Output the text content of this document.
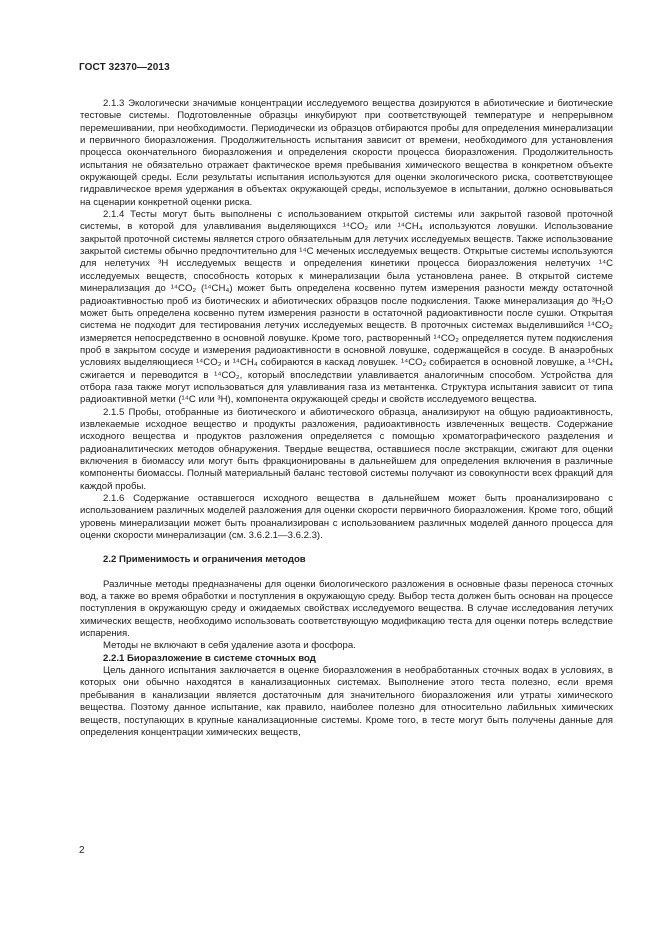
ГОСТ 32370—2013

2.1.3 Экологически значимые концентрации исследуемого вещества дозируются в абиотические и биотические тестовые системы. Подготовленные образцы инкубируют при соответствующей температуре и непрерывном перемешивании, при необходимости. Периодически из образцов отбираются пробы для определения минерализации и первичного биоразложения. Продолжительность испытания зависит от времени, необходимого для установления процесса окончательного биоразложения и определения скорости процесса биоразложения. Продолжительность испытания не обязательно отражает фактическое время пребывания химического вещества в конкретном объекте окружающей среды. Если результаты испытания используются для оценки экологического риска, соответствующее гидравлическое время удержания в объектах окружающей среды, используемое в испытании, должно основываться на сценарии конкретной оценки риска.

2.1.4 Тесты могут быть выполнены с использованием открытой системы или закрытой газовой проточной системы, в которой для улавливания выделяющихся ¹⁴CO₂ или ¹⁴CH₄ используются ловушки. Использование закрытой проточной системы является строго обязательным для летучих исследуемых веществ. Также использование закрытой системы обычно предпочтительно для ¹⁴C меченых исследуемых веществ. Открытые системы используются для нелетучих ³H исследуемых веществ и определения кинетики процесса биоразложения нелетучих ¹⁴C исследуемых веществ, способность которых к минерализации была установлена ранее. В открытой системе минерализация до ¹⁴CO₂ (¹⁴CH₄) может быть определена косвенно путем измерения разности между остаточной радиоактивностью проб из биотических и абиотических образцов после подкисления. Также минерализация до ³H₂O может быть определена косвенно путем измерения разности в остаточной радиоактивности после сушки. Открытая система не подходит для тестирования летучих исследуемых веществ. В проточных системах выделившийся ¹⁴CO₂ измеряется непосредственно в основной ловушке. Кроме того, растворенный ¹⁴CO₂ определяется путем подкисления проб в закрытом сосуде и измерения радиоактивности в основной ловушке, содержащейся в сосуде. В анаэробных условиях выделяющиеся ¹⁴CO₂ и ¹⁴CH₄ собираются в каскад ловушек. ¹⁴CO₂ собирается в основной ловушке, а ¹⁴CH₄ сжигается и переводится в ¹⁴CO₂, который впоследствии улавливается аналогичным способом. Устройства для отбора газа также могут использоваться для улавливания газа из метантенка. Структура испытания зависит от типа радиоактивной метки (¹⁴C или ³H), компонента окружающей среды и свойств исследуемого вещества.

2.1.5 Пробы, отобранные из биотического и абиотического образца, анализируют на общую радиоактивность, извлекаемые исходное вещество и продукты разложения, радиоактивность извлеченных веществ. Содержание исходного вещества и продуктов разложения определяется с помощью хроматографического разделения и радиоаналитических методов обнаружения. Твердые вещества, оставшиеся после экстракции, сжигают для оценки включения в биомассу или могут быть фракционированы в дальнейшем для определения включения в различные компоненты биомассы. Полный материальный баланс тестовой системы получают из совокупности всех фракций для каждой пробы.

2.1.6 Содержание оставшегося исходного вещества в дальнейшем может быть проанализировано с использованием различных моделей разложения для оценки скорости первичного биоразложения. Кроме того, общий уровень минерализации может быть проанализирован с использованием различных моделей данного процесса для оценки скорости минерализации (см. 3.6.2.1—3.6.2.3).

2.2 Применимость и ограничения методов

Различные методы предназначены для оценки биологического разложения в основные фазы переноса сточных вод, а также во время обработки и поступления в окружающую среду. Выбор теста должен быть основан на процессе поступления в окружающую среду и ожидаемых свойствах исследуемого вещества. В случае исследования летучих химических веществ, необходимо использовать соответствующую модификацию теста для оценки потерь вследствие испарения.

Методы не включают в себя удаление азота и фосфора.

2.2.1 Биоразложение в системе сточных вод

Цель данного испытания заключается в оценке биоразложения в необработанных сточных водах в условиях, в которых они обычно находятся в канализационных системах. Выполнение этого теста полезно, если время пребывания в канализации является достаточным для значительного биоразложения или утраты химического вещества. Поэтому данное испытание, как правило, наиболее полезно для относительно лабильных химических веществ, поступающих в крупные канализационные системы. Кроме того, в тесте могут быть получены данные для определения концентрации химических веществ,

2
